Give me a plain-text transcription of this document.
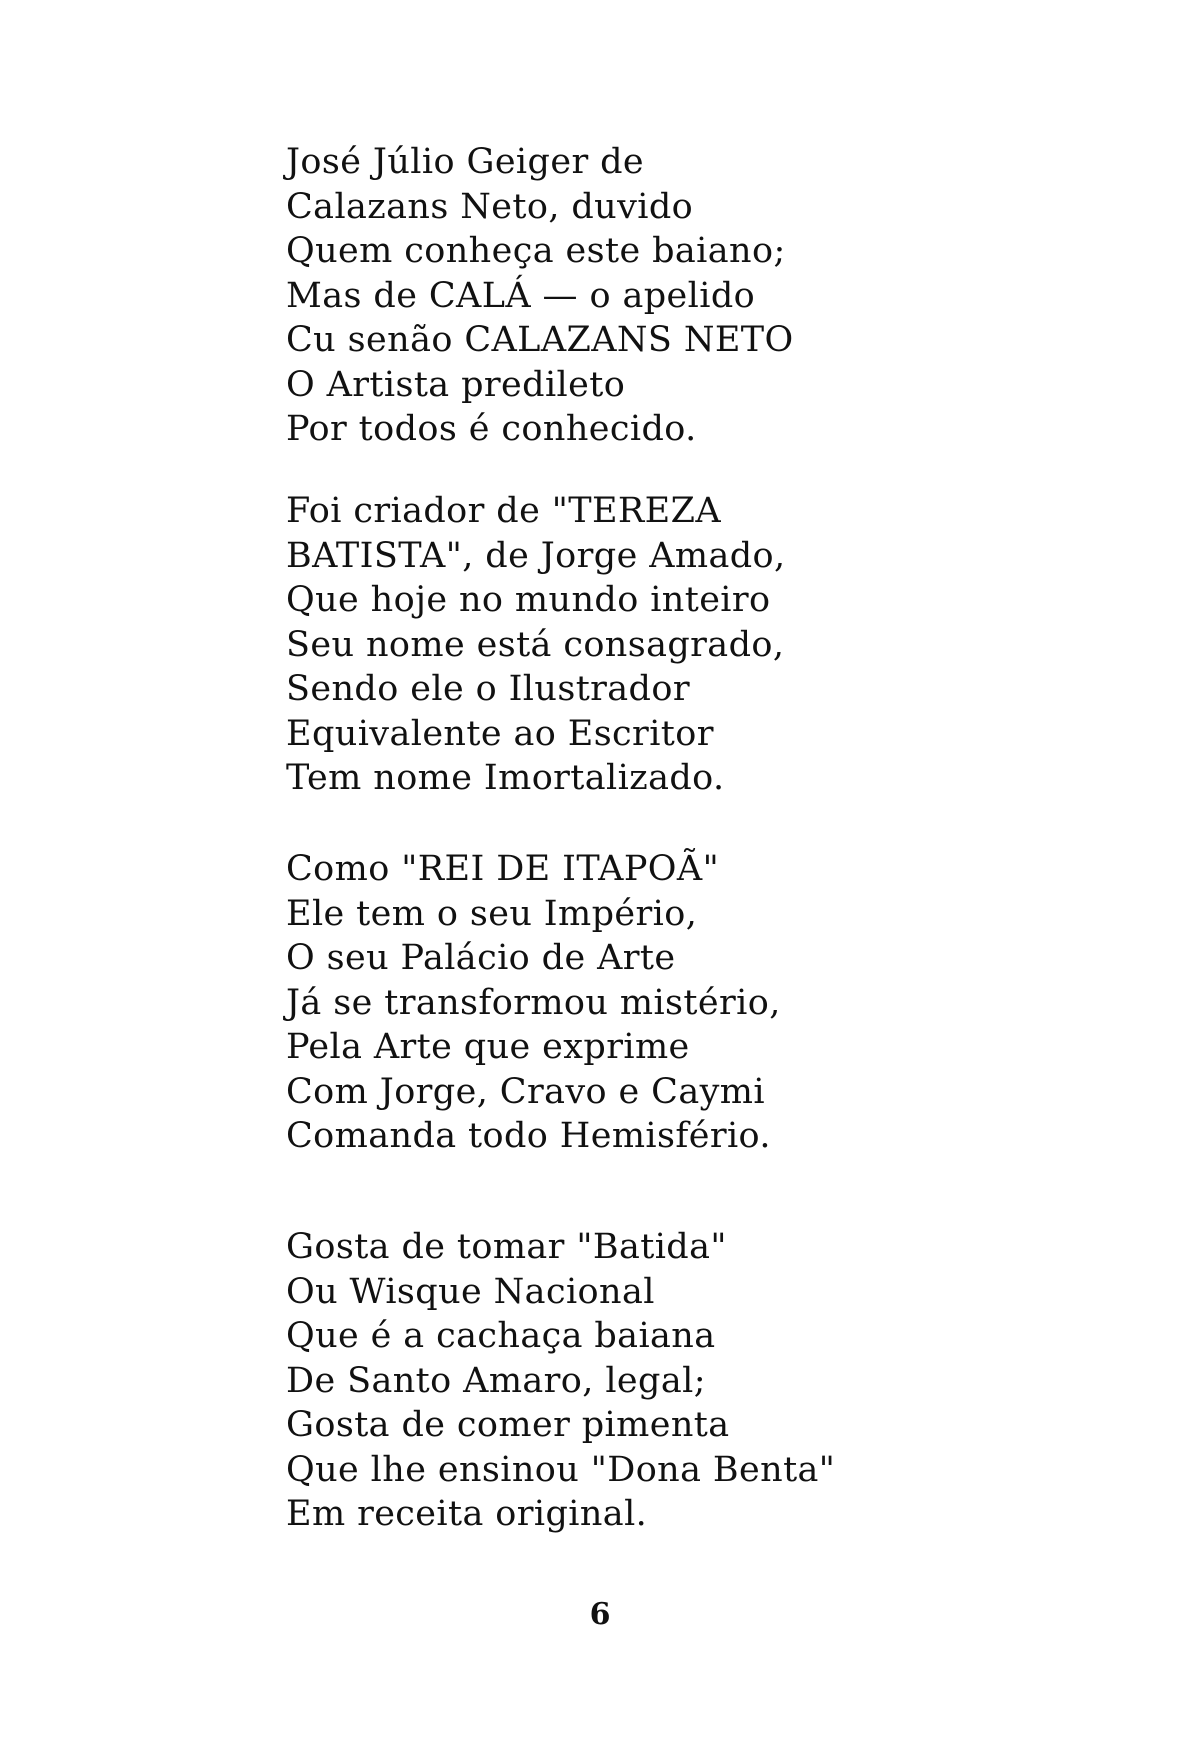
José Júlio Geiger de
Calazans Neto, duvido
Quem conheça este baiano;
Mas de CALÁ — o apelido
Cu senão CALAZANS NETO
O Artista predileto
Por todos é conhecido.
Foi criador de "TEREZA
BATISTA", de Jorge Amado,
Que hoje no mundo inteiro
Seu nome está consagrado,
Sendo ele o Ilustrador
Equivalente ao Escritor
Tem nome Imortalizado.
Como "REI DE ITAPOÃ"
Ele tem o seu Império,
O seu Palácio de Arte
Já se transformou mistério,
Pela Arte que exprime
Com Jorge, Cravo e Caymi
Comanda todo Hemisfério.
Gosta de tomar "Batida"
Ou Wisque Nacional
Que é a cachaça baiana
De Santo Amaro, legal;
Gosta de comer pimenta
Que lhe ensinou "Dona Benta"
Em receita original.
6
